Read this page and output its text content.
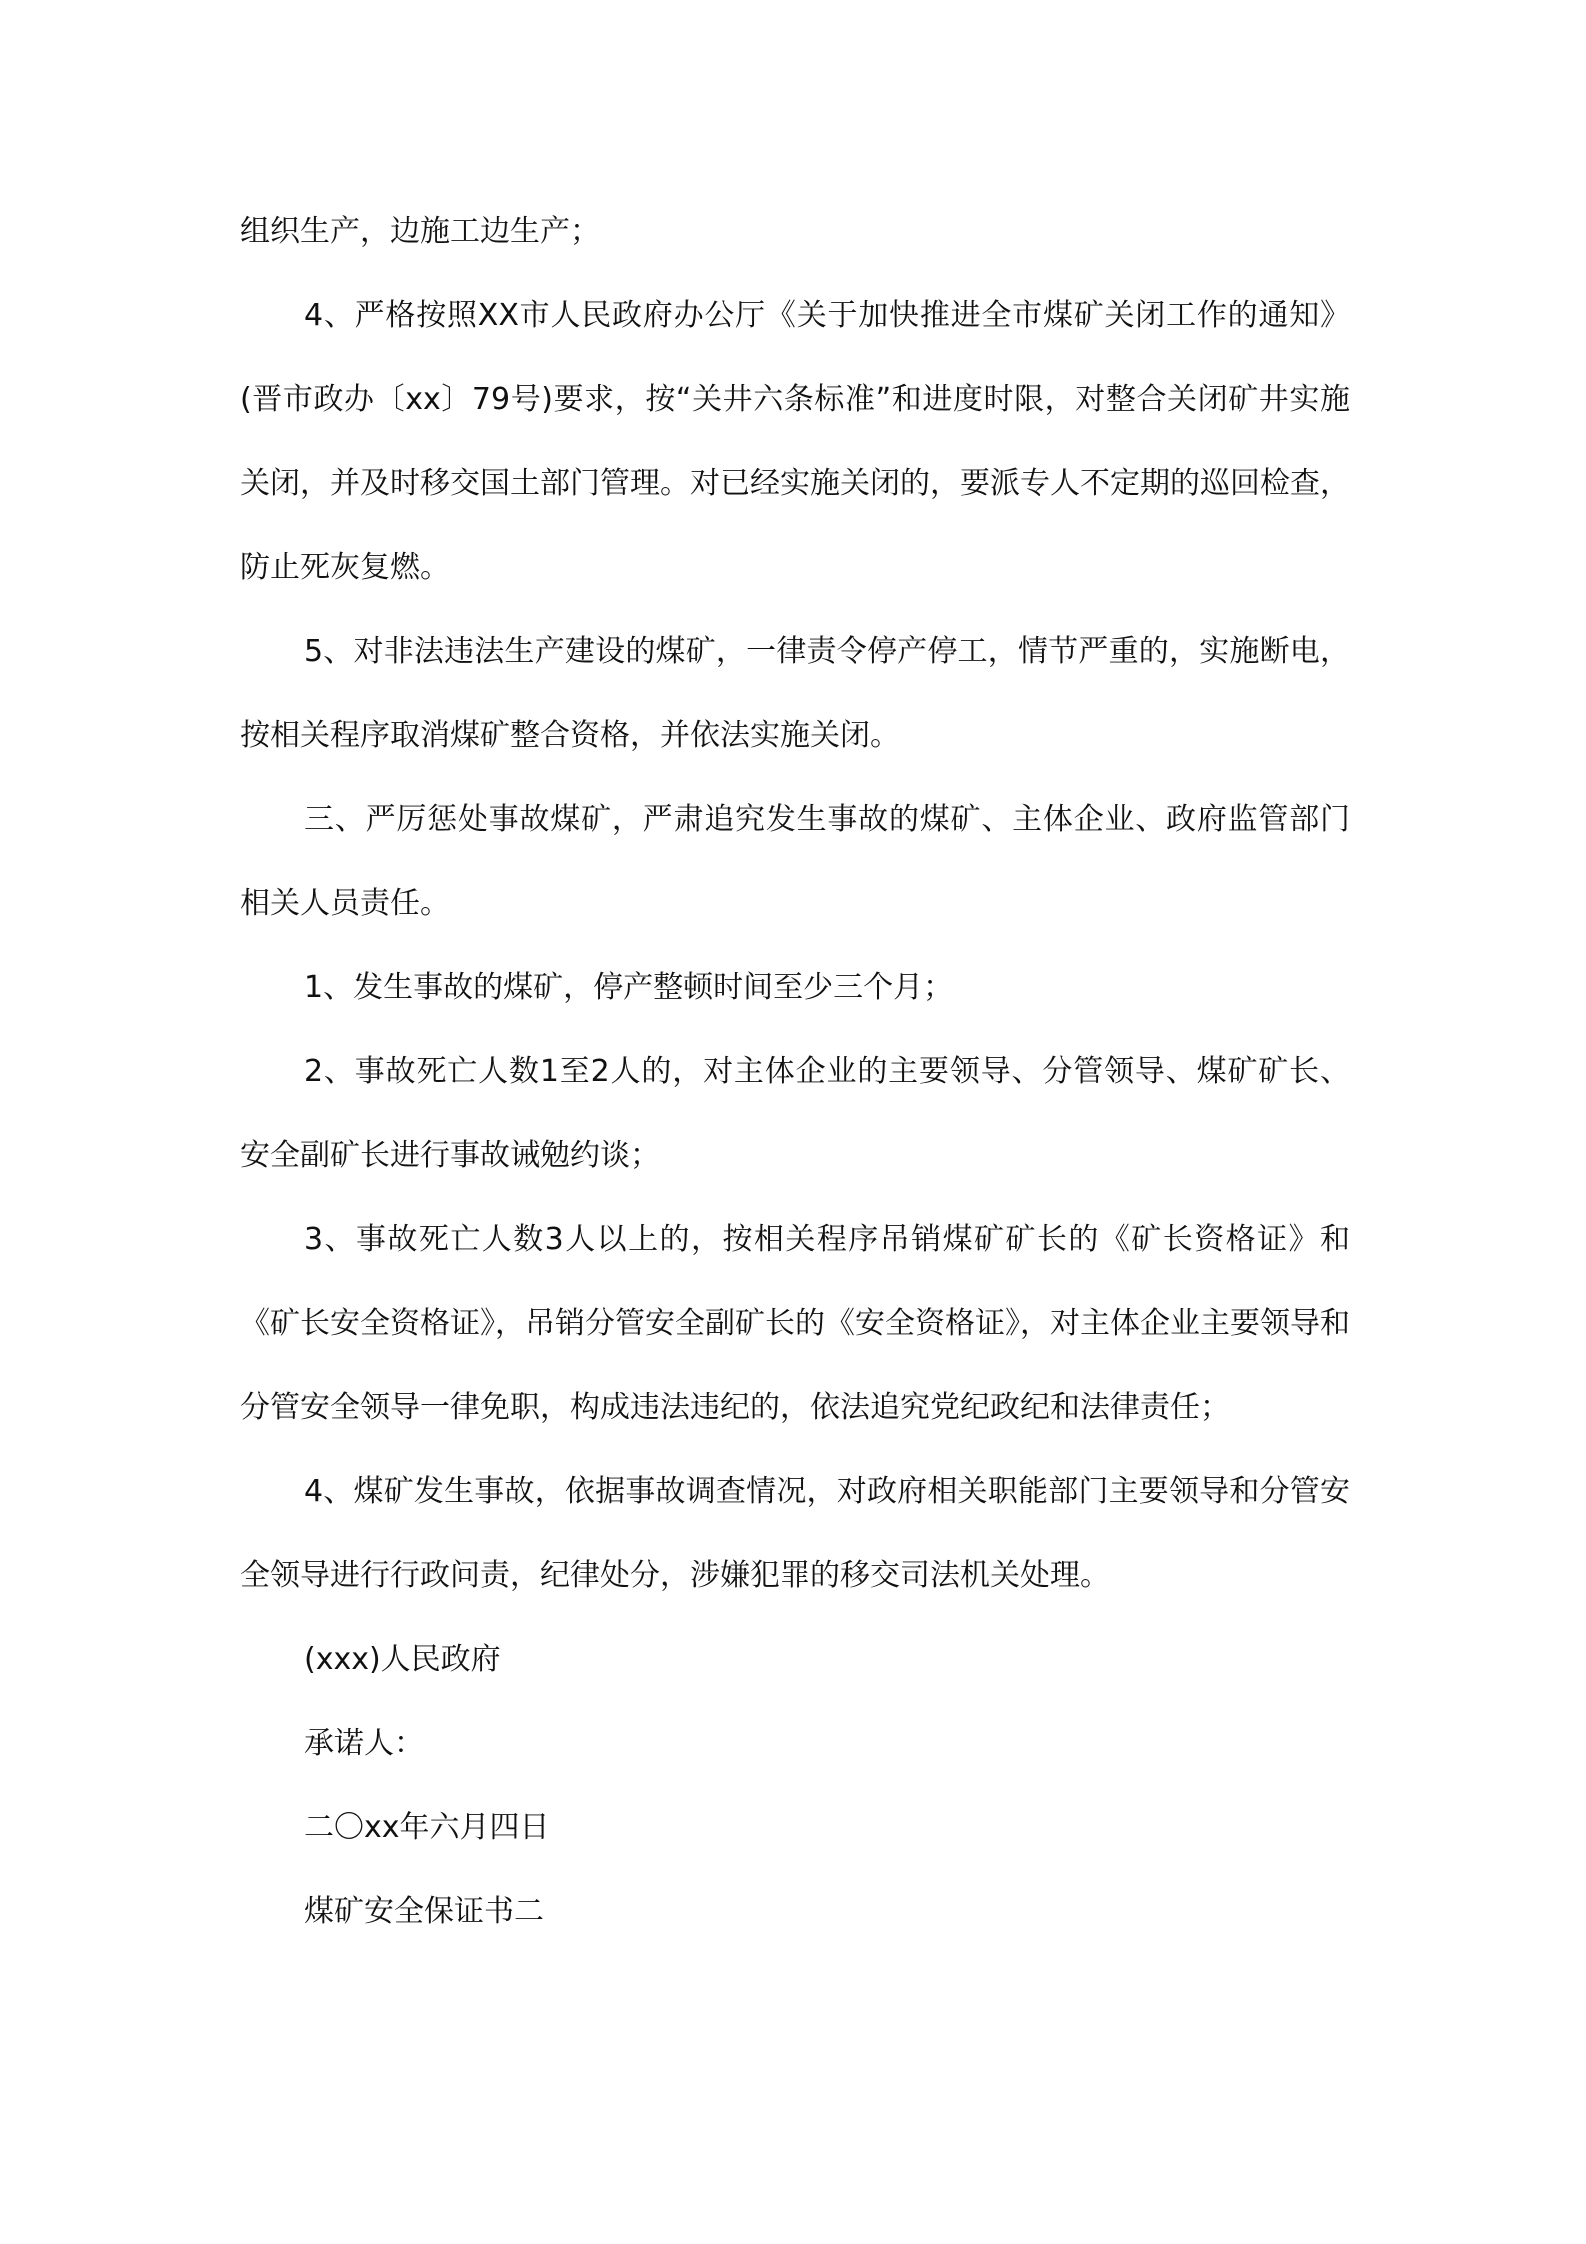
组织生产，边施工边生产；

4、严格按照XX市人民政府办公厅《关于加快推进全市煤矿关闭工作的通知》(晋市政办〔xx〕79号)要求，按“关井六条标准”和进度时限，对整合关闭矿井实施关闭，并及时移交国土部门管理。对已经实施关闭的，要派专人不定期的巡回检查，防止死灰复燃。

5、对非法违法生产建设的煤矿，一律责令停产停工，情节严重的，实施断电，按相关程序取消煤矿整合资格，并依法实施关闭。

三、严厉惩处事故煤矿，严肃追究发生事故的煤矿、主体企业、政府监管部门相关人员责任。

1、发生事故的煤矿，停产整顿时间至少三个月；

2、事故死亡人数1至2人的，对主体企业的主要领导、分管领导、煤矿矿长、安全副矿长进行事故诫勉约谈；

3、事故死亡人数3人以上的，按相关程序吊销煤矿矿长的《矿长资格证》和《矿长安全资格证》，吊销分管安全副矿长的《安全资格证》，对主体企业主要领导和分管安全领导一律免职，构成违法违纪的，依法追究党纪政纪和法律责任；

4、煤矿发生事故，依据事故调查情况，对政府相关职能部门主要领导和分管安全领导进行行政问责，纪律处分，涉嫌犯罪的移交司法机关处理。

(xxx)人民政府

承诺人：

二〇xx年六月四日

煤矿安全保证书二
